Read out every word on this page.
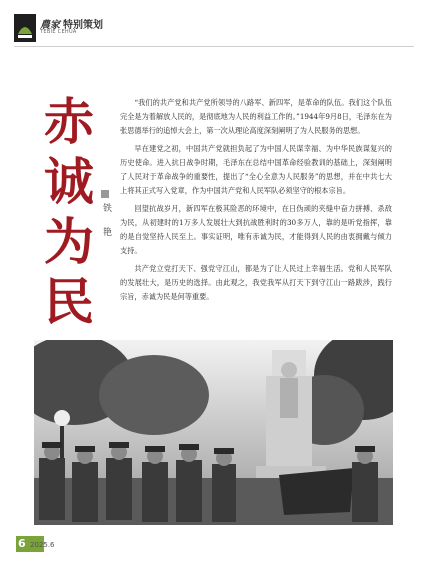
農家 特别策划
TEBIE CEHUA
赤
诚
为
民
铁 艳

“我们的共产党和共产党所领导的八路军、新四军，是革命的队伍。我们这个队伍完全是为着解放人民的，是彻底地为人民的利益工作的。”1944年9月8日，毛泽东在为张思德举行的追悼大会上，第一次从理论高度深刻阐明了为人民服务的思想。

早在建党之初，中国共产党就担负起了为中国人民谋幸福、为中华民族谋复兴的历史使命。进入抗日战争时期，毛泽东在总结中国革命经验教训的基础上，深刻阐明了人民对于革命战争的重要性，提出了“全心全意为人民服务”的思想，并在中共七大上将其正式写入党章，作为中国共产党和人民军队必须坚守的根本宗旨。

回望抗战岁月，新四军在极其险恶的环境中，在日伪顽的夹缝中奋力拼搏、杀敌为民，从初建时的1万多人发展壮大到抗战胜利时的30多万人，靠的是听党指挥，靠的是自觉坚持人民至上。事实证明，唯有赤诚为民，才能得到人民的由衷拥戴与倾力支持。

共产党立党打天下、强党守江山，都是为了让人民过上幸福生活。党和人民军队的发展壮大，是历史的选择。由此观之，我党我军从打天下到守江山一路跋涉，践行宗旨，赤诚为民是何等重要。

6 2025.6
